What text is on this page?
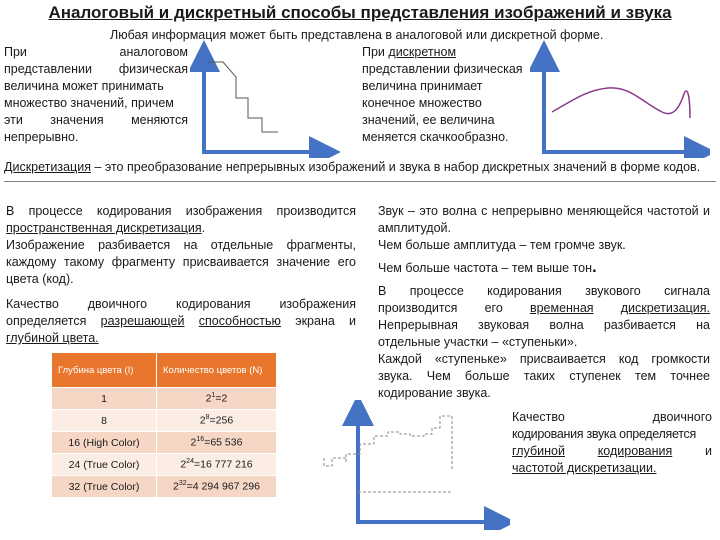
Аналоговый и дискретный способы представления изображений и звука
Любая информация может быть представлена в аналоговой или дискретной форме.
При	аналоговом
представлении физическая
величина может принимать
множество значений, причем
эти значения меняются
непрерывно.
При дискретном
представлении физическая
величина принимает
конечное множество
значений, ее величина
меняется скачкообразно.
Дискретизация – это преобразование непрерывных изображений и звука в набор дискретных значений в форме кодов.
В процессе кодирования изображения производится
пространственная дискретизация.
Изображение разбивается на отдельные фрагменты,
каждому такому фрагменту присваивается значение его
цвета (код).
Качество двоичного кодирования изображения
определяется разрешающей способностью экрана и
глубиной цвета.
Глубина цвета (I)	Количество цветов (N)
1	$2^1=2$
8	$2^8=256$
16 (High Color)	$2^{16}=65$ 536
24 (True Color)	$2^{24}=16$ 777 216
32 (True Color)	$2^{32}=4$ 294 967 296
Звук – это волна с непрерывно меняющейся частотой и
амплитудой.
Чем больше амплитуда – тем громче звук.
Чем больше частота – тем выше тон.
В процессе кодирования звукового сигнала
производится его временная дискретизация.
Непрерывная звуковая волна разбивается на
отдельные участки – «ступеньки».
Каждой «ступеньке» присваивается код громкости
звука. Чем больше таких ступенек тем точнее
кодирование звука.
Качество	двоичного
кодирования звука определяется
глубиной	кодирования	и
частотой дискретизации.
